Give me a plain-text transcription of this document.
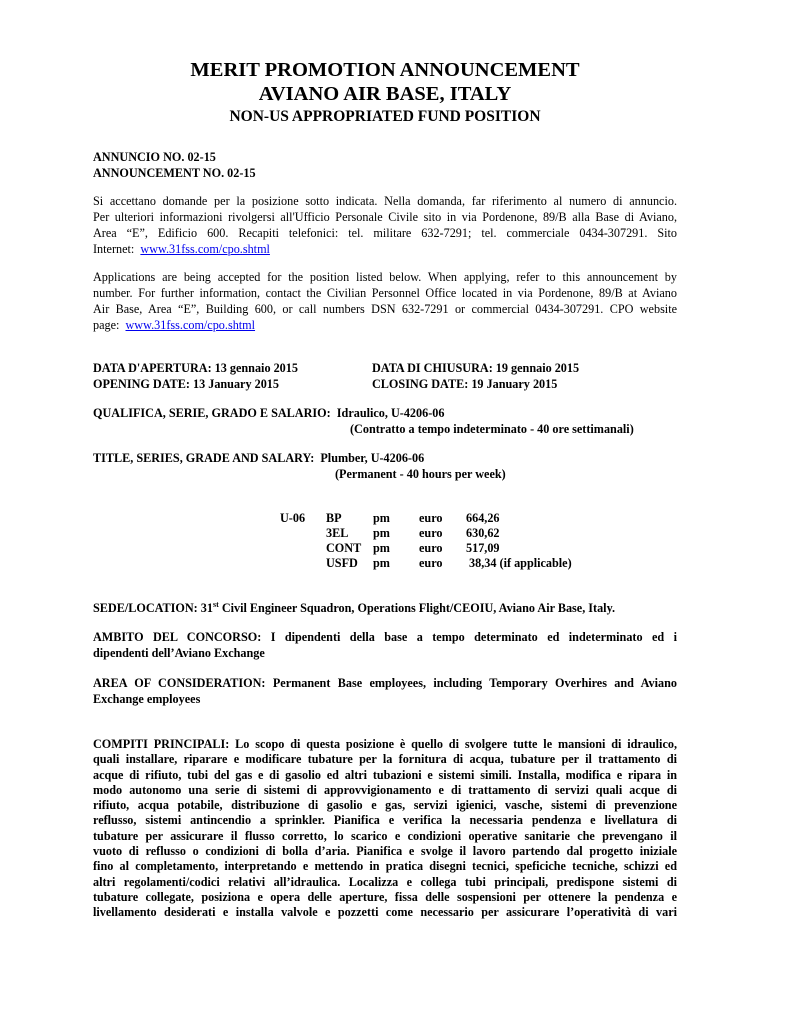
MERIT PROMOTION ANNOUNCEMENT
AVIANO AIR BASE, ITALY
NON-US APPROPRIATED FUND POSITION
ANNUNCIO NO. 02-15
ANNOUNCEMENT NO. 02-15
Si accettano domande per la posizione sotto indicata. Nella domanda, far riferimento al numero di annuncio.
Per ulteriori informazioni rivolgersi all'Ufficio Personale Civile sito in via Pordenone, 89/B alla Base di Aviano,
Area “E”, Edificio 600. Recapiti telefonici: tel. militare 632-7291; tel. commerciale 0434-307291. Sito
Internet:  www.31fss.com/cpo.shtml
Applications are being accepted for the position listed below. When applying, refer to this announcement by
number. For further information, contact the Civilian Personnel Office located in via Pordenone, 89/B at Aviano
Air Base, Area “E”, Building 600, or call numbers DSN 632-7291 or commercial 0434-307291. CPO website
page:  www.31fss.com/cpo.shtml
DATA D'APERTURA: 13 gennaio 2015	DATA DI CHIUSURA: 19 gennaio 2015
OPENING DATE: 13 January 2015	CLOSING DATE: 19 January 2015
QUALIFICA, SERIE, GRADO E SALARIO:  Idraulico, U-4206-06
(Contratto a tempo indeterminato - 40 ore settimanali)
TITLE, SERIES, GRADE AND SALARY:  Plumber, U-4206-06
(Permanent - 40 hours per week)
U-06 BP	pm euro 664,26
3EL pm euro 630,62
CONT pm euro 517,09
USFD pm euro 38,34 (if applicable)
SEDE/LOCATION: 31st Civil Engineer Squadron, Operations Flight/CEOIU, Aviano Air Base, Italy.
AMBITO DEL CONCORSO: I dipendenti della base a tempo determinato ed indeterminato ed i
dipendenti dell’Aviano Exchange
AREA OF CONSIDERATION: Permanent Base employees, including Temporary Overhires and Aviano
Exchange employees
COMPITI PRINCIPALI: Lo scopo di questa posizione è quello di svolgere tutte le mansioni di idraulico,
quali installare, riparare e modificare tubature per la fornitura di acqua, tubature per il trattamento di
acque di rifiuto, tubi del gas e di gasolio ed altri tubazioni e sistemi simili. Installa, modifica e ripara in
modo autonomo una serie di sistemi di approvvigionamento e di trattamento di servizi quali acque di
rifiuto, acqua potabile, distribuzione di gasolio e gas, servizi igienici, vasche, sistemi di prevenzione
reflusso, sistemi antincendio a sprinkler. Pianifica e verifica la necessaria pendenza e livellatura di
tubature per assicurare il flusso corretto, lo scarico e condizioni operative sanitarie che prevengano il
vuoto di reflusso o condizioni di bolla d’aria. Pianifica e svolge il lavoro partendo dal progetto iniziale
fino al completamento, interpretando e mettendo in pratica disegni tecnici, speficiche tecniche, schizzi ed
altri regolamenti/codici relativi all’idraulica. Localizza e collega tubi principali, predispone sistemi di
tubature collegate, posiziona e opera delle aperture, fissa delle sospensioni per ottenere la pendenza e
livellamento desiderati e installa valvole e pozzetti come necessario per assicurare l’operatività di vari
